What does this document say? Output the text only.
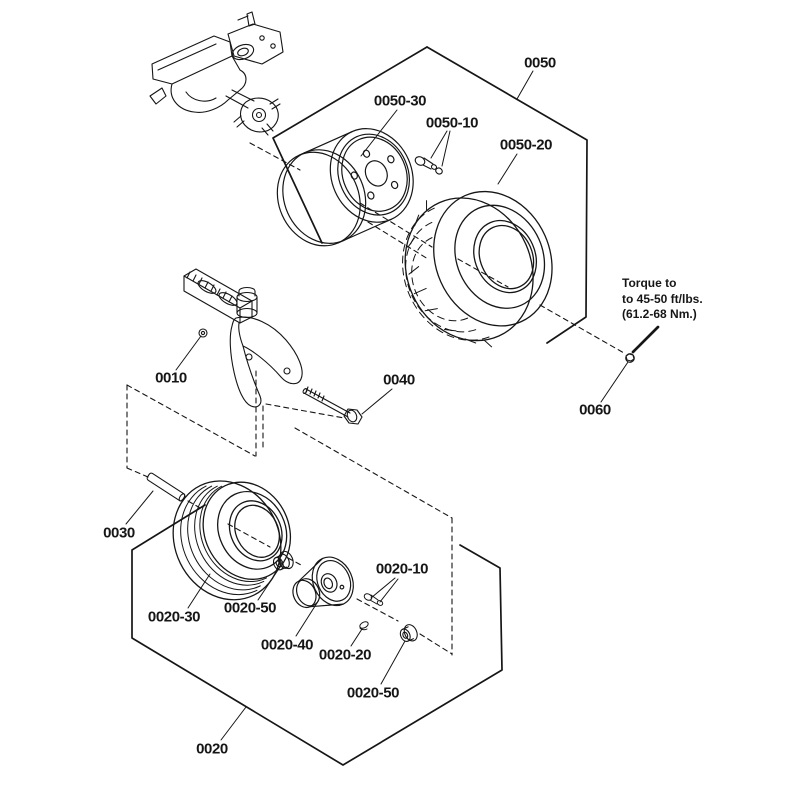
0050
0050-30
0050-10
0050-20
0060
0010	0040
0030
0020-30
0020-50
0020-40
0020-20
0020-10
0020-50
0020
Torque to
to 45-50 ft/lbs.
(61.2-68 Nm.)
